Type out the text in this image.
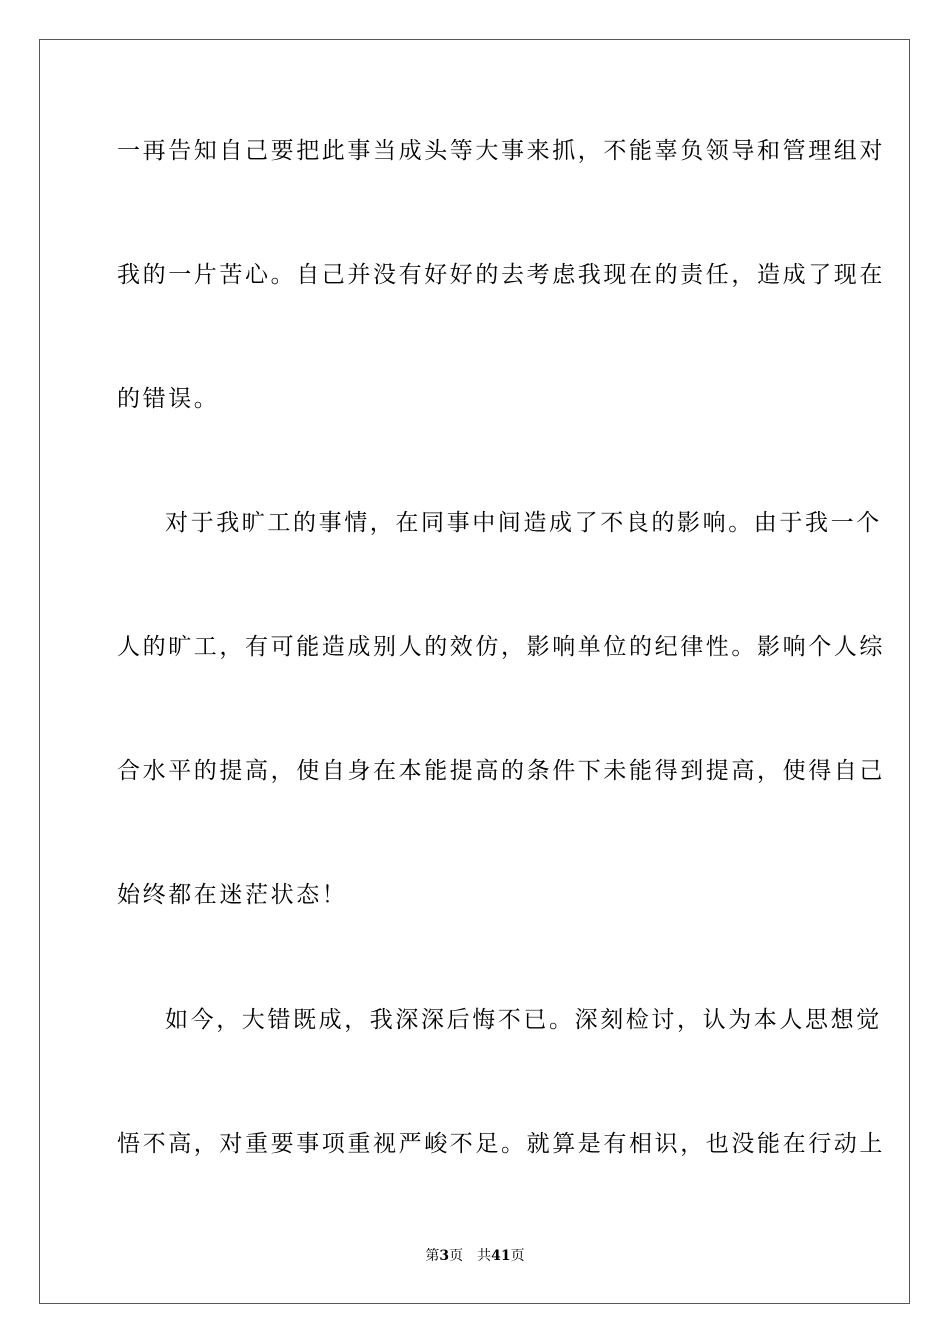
一再告知自己要把此事当成头等大事来抓，不能辜负领导和管理组对
我的一片苦心。自己并没有好好的去考虑我现在的责任，造成了现在
的错误。
对于我旷工的事情，在同事中间造成了不良的影响。由于我一个
人的旷工，有可能造成别人的效仿，影响单位的纪律性。影响个人综
合水平的提高，使自身在本能提高的条件下未能得到提高，使得自己
始终都在迷茫状态！
如今，大错既成，我深深后悔不已。深刻检讨，认为本人思想觉
悟不高，对重要事项重视严峻不足。就算是有相识，也没能在行动上
第3页 共41页
